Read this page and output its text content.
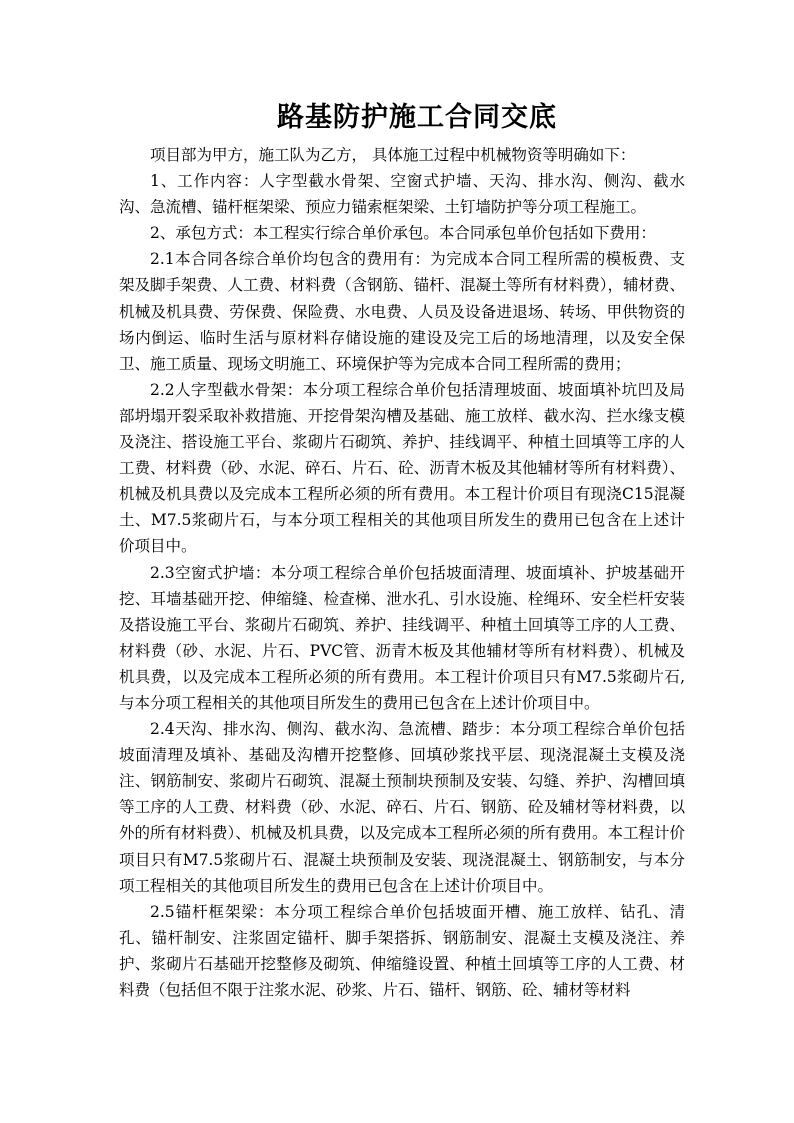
路基防护施工合同交底

项目部为甲方，施工队为乙方， 具体施工过程中机械物资等明确如下：

1、工作内容：人字型截水骨架、空窗式护墙、天沟、排水沟、侧沟、截水沟、急流槽、锚杆框架梁、预应力锚索框架梁、土钉墙防护等分项工程施工。

2、承包方式：本工程实行综合单价承包。本合同承包单价包括如下费用：

2.1本合同各综合单价均包含的费用有：为完成本合同工程所需的模板费、支架及脚手架费、人工费、材料费（含钢筋、锚杆、混凝土等所有材料费），辅材费、机械及机具费、劳保费、保险费、水电费、人员及设备进退场、转场、甲供物资的场内倒运、临时生活与原材料存储设施的建设及完工后的场地清理，以及安全保卫、施工质量、现场文明施工、环境保护等为完成本合同工程所需的费用；

2.2人字型截水骨架：本分项工程综合单价包括清理坡面、坡面填补坑凹及局部坍塌开裂采取补救措施、开挖骨架沟槽及基础、施工放样、截水沟、拦水缘支模及浇注、搭设施工平台、浆砌片石砌筑、养护、挂线调平、种植土回填等工序的人工费、材料费（砂、水泥、碎石、片石、砼、沥青木板及其他辅材等所有材料费）、机械及机具费以及完成本工程所必须的所有费用。本工程计价项目有现浇C15混凝土、M7.5浆砌片石，与本分项工程相关的其他项目所发生的费用已包含在上述计价项目中。

2.3空窗式护墙：本分项工程综合单价包括坡面清理、坡面填补、护坡基础开挖、耳墙基础开挖、伸缩缝、检查梯、泄水孔、引水设施、栓绳环、安全栏杆安装及搭设施工平台、浆砌片石砌筑、养护、挂线调平、种植土回填等工序的人工费、材料费（砂、水泥、片石、PVC管、沥青木板及其他辅材等所有材料费）、机械及机具费，以及完成本工程所必须的所有费用。本工程计价项目只有M7.5浆砌片石,与本分项工程相关的其他项目所发生的费用已包含在上述计价项目中。

2.4天沟、排水沟、侧沟、截水沟、急流槽、踏步：本分项工程综合单价包括坡面清理及填补、基础及沟槽开挖整修、回填砂浆找平层、现浇混凝土支模及浇注、钢筋制安、浆砌片石砌筑、混凝土预制块预制及安装、勾缝、养护、沟槽回填等工序的人工费、材料费（砂、水泥、碎石、片石、钢筋、砼及辅材等材料费，以外的所有材料费）、机械及机具费，以及完成本工程所必须的所有费用。本工程计价项目只有M7.5浆砌片石、混凝土块预制及安装、现浇混凝土、钢筋制安，与本分项工程相关的其他项目所发生的费用已包含在上述计价项目中。

2.5锚杆框架梁：本分项工程综合单价包括坡面开槽、施工放样、钻孔、清孔、锚杆制安、注浆固定锚杆、脚手架搭拆、钢筋制安、混凝土支模及浇注、养护、浆砌片石基础开挖整修及砌筑、伸缩缝设置、种植土回填等工序的人工费、材料费（包括但不限于注浆水泥、砂浆、片石、锚杆、钢筋、砼、辅材等材料
